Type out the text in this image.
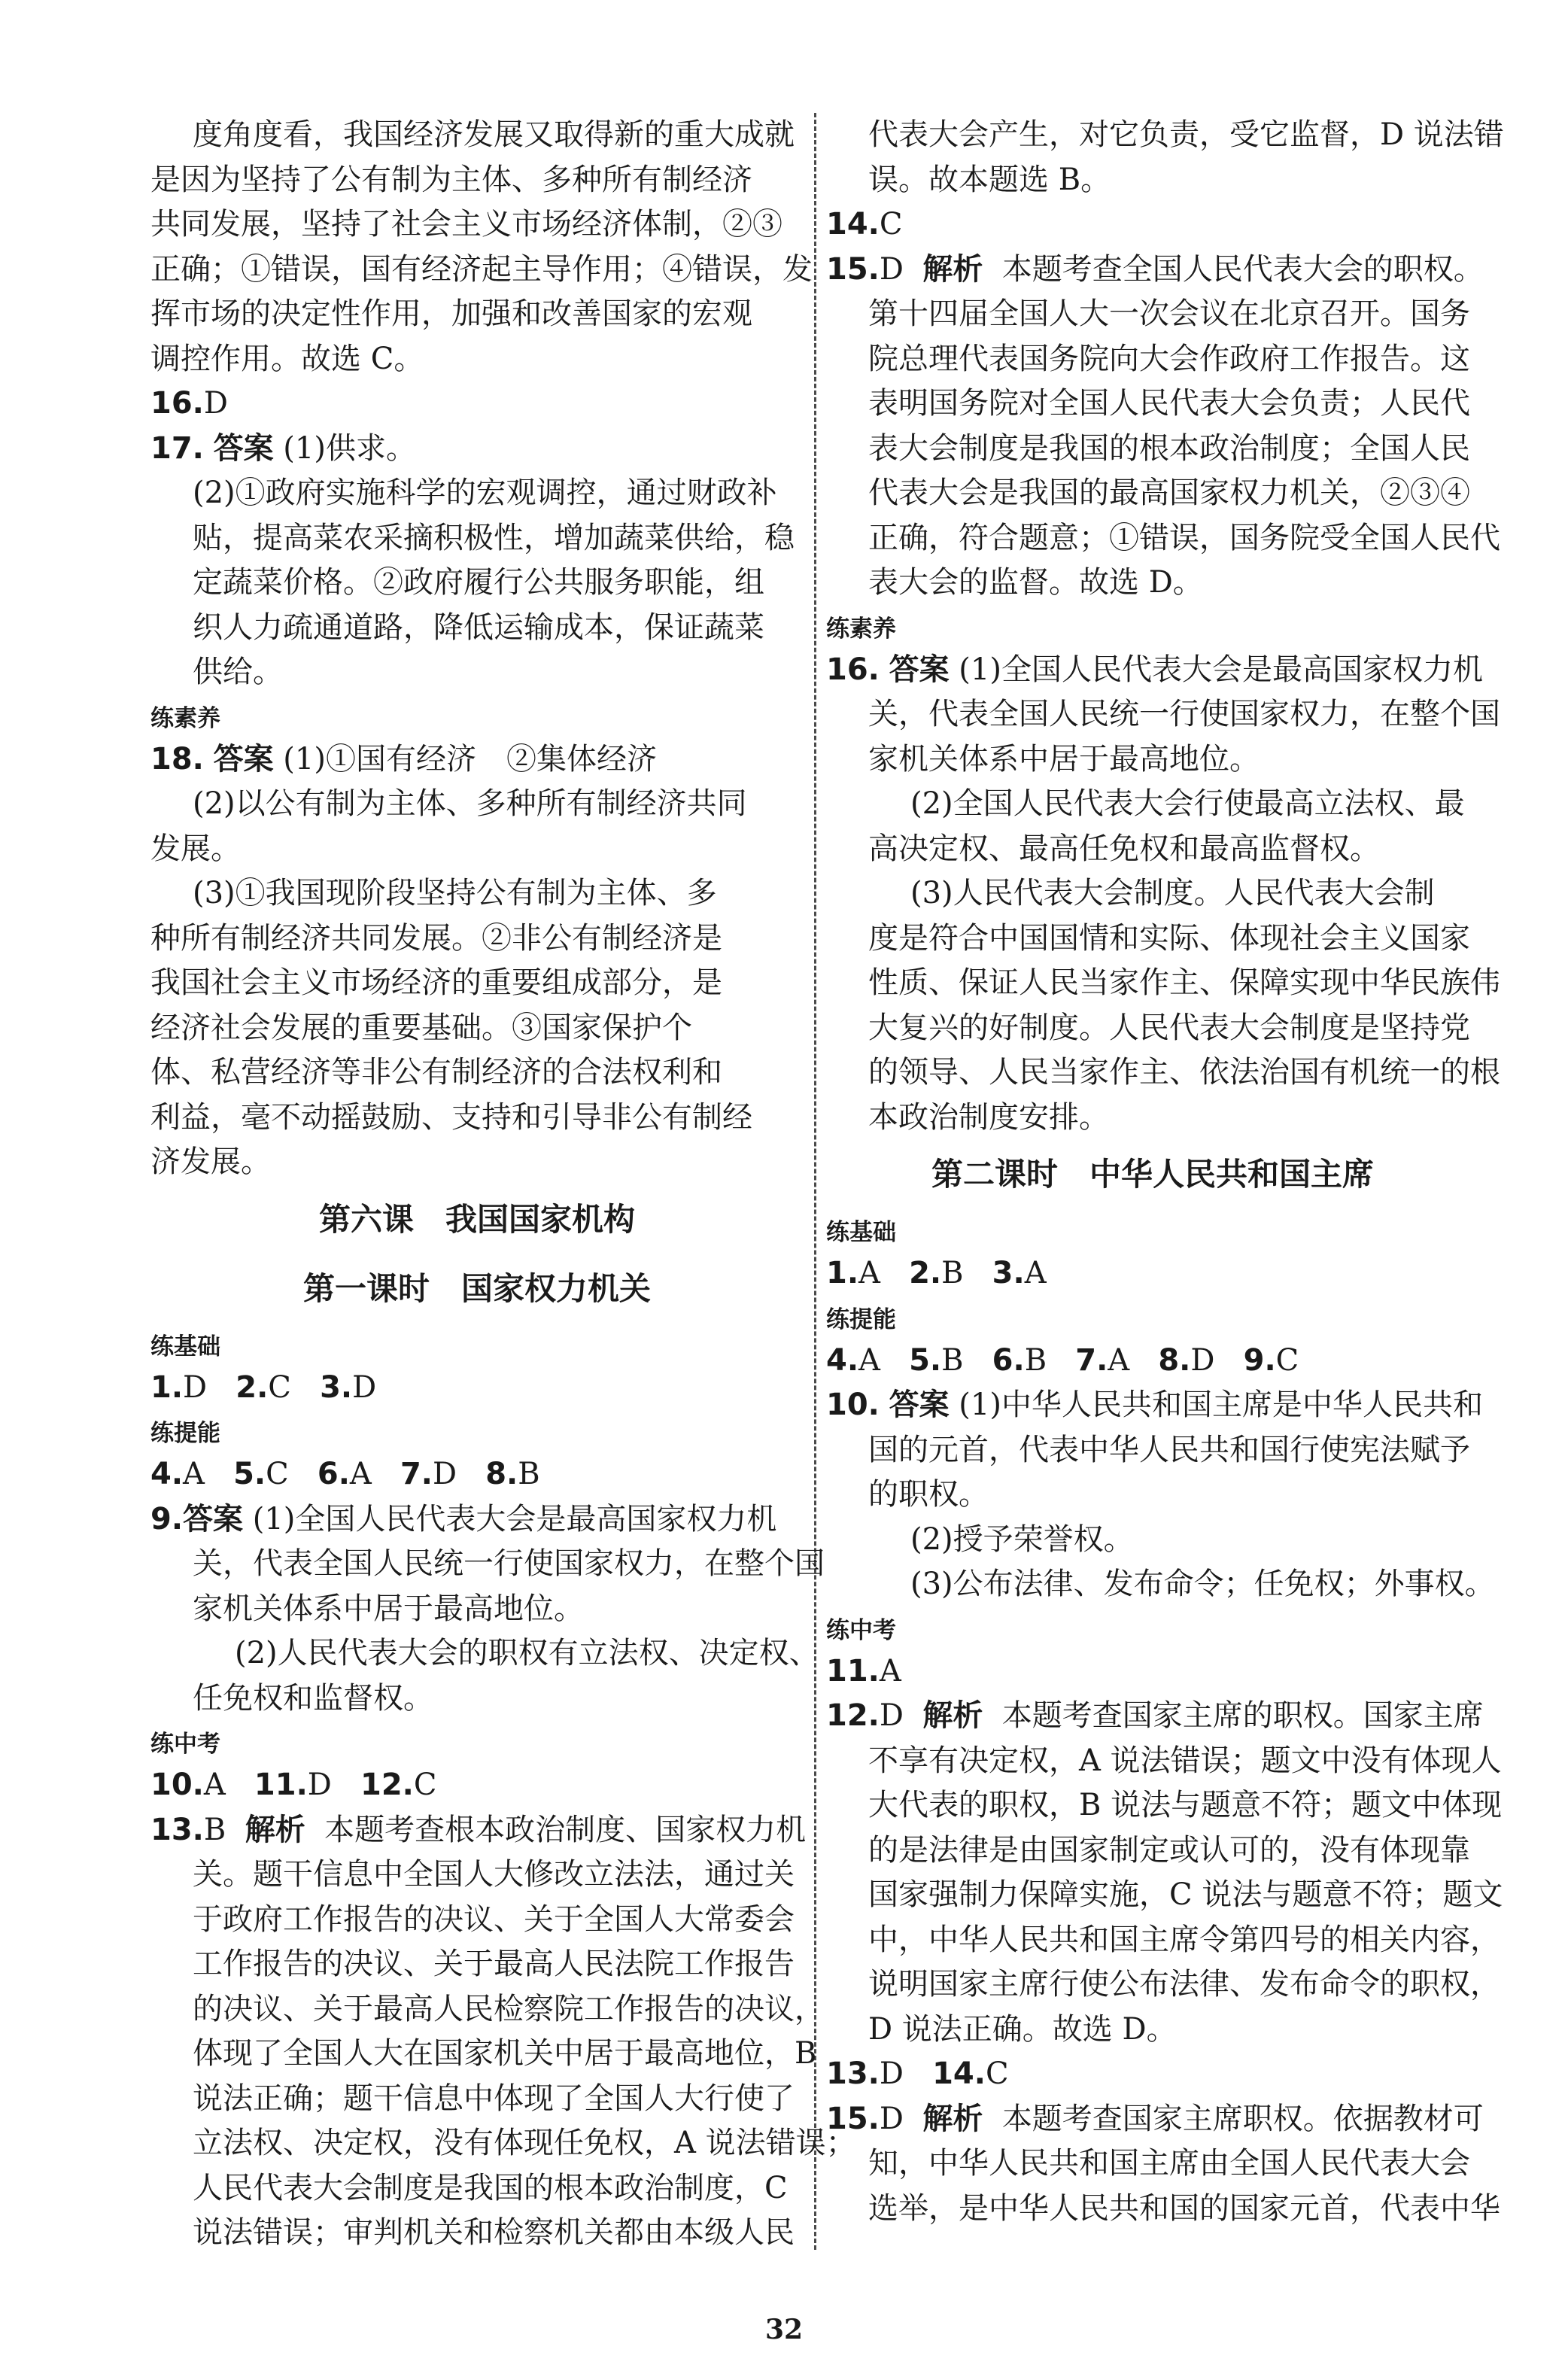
度角度看，我国经济发展又取得新的重大成就
是因为坚持了公有制为主体、多种所有制经济
共同发展，坚持了社会主义市场经济体制，②③
正确；①错误，国有经济起主导作用；④错误，发
挥市场的决定性作用，加强和改善国家的宏观
调控作用。故选 C。
16.D
17. 答案 (1)供求。
(2)①政府实施科学的宏观调控，通过财政补
贴，提高菜农采摘积极性，增加蔬菜供给，稳
定蔬菜价格。②政府履行公共服务职能，组
织人力疏通道路，降低运输成本，保证蔬菜
供给。
练素养
18. 答案 (1)①国有经济　②集体经济
(2)以公有制为主体、多种所有制经济共同
发展。
(3)①我国现阶段坚持公有制为主体、多
种所有制经济共同发展。②非公有制经济是
我国社会主义市场经济的重要组成部分，是
经济社会发展的重要基础。③国家保护个
体、私营经济等非公有制经济的合法权利和
利益，毫不动摇鼓励、支持和引导非公有制经
济发展。
第六课　我国国家机构
第一课时　国家权力机关
练基础
1.D 2.C 3.D
练提能
4.A 5.C 6.A 7.D 8.B
9.答案 (1)全国人民代表大会是最高国家权力机
关，代表全国人民统一行使国家权力，在整个国
家机关体系中居于最高地位。
(2)人民代表大会的职权有立法权、决定权、
任免权和监督权。
练中考
10.A 11.D 12.C
13.B 解析 本题考查根本政治制度、国家权力机
关。题干信息中全国人大修改立法法，通过关
于政府工作报告的决议、关于全国人大常委会
工作报告的决议、关于最高人民法院工作报告
的决议、关于最高人民检察院工作报告的决议，
体现了全国人大在国家机关中居于最高地位，B
说法正确；题干信息中体现了全国人大行使了
立法权、决定权，没有体现任免权，A 说法错误；
人民代表大会制度是我国的根本政治制度，C
说法错误；审判机关和检察机关都由本级人民
代表大会产生，对它负责，受它监督，D 说法错
误。故本题选 B。
14.C
15.D 解析 本题考查全国人民代表大会的职权。
第十四届全国人大一次会议在北京召开。国务
院总理代表国务院向大会作政府工作报告。这
表明国务院对全国人民代表大会负责；人民代
表大会制度是我国的根本政治制度；全国人民
代表大会是我国的最高国家权力机关，②③④
正确，符合题意；①错误，国务院受全国人民代
表大会的监督。故选 D。
练素养
16. 答案 (1)全国人民代表大会是最高国家权力机
关，代表全国人民统一行使国家权力，在整个国
家机关体系中居于最高地位。
(2)全国人民代表大会行使最高立法权、最
高决定权、最高任免权和最高监督权。
(3)人民代表大会制度。人民代表大会制
度是符合中国国情和实际、体现社会主义国家
性质、保证人民当家作主、保障实现中华民族伟
大复兴的好制度。人民代表大会制度是坚持党
的领导、人民当家作主、依法治国有机统一的根
本政治制度安排。
第二课时　中华人民共和国主席
练基础
1.A 2.B 3.A
练提能
4.A 5.B 6.B 7.A 8.D 9.C
10. 答案 (1)中华人民共和国主席是中华人民共和
国的元首，代表中华人民共和国行使宪法赋予
的职权。
(2)授予荣誉权。
(3)公布法律、发布命令；任免权；外事权。
练中考
11.A
12.D 解析 本题考查国家主席的职权。国家主席
不享有决定权，A 说法错误；题文中没有体现人
大代表的职权，B 说法与题意不符；题文中体现
的是法律是由国家制定或认可的，没有体现靠
国家强制力保障实施，C 说法与题意不符；题文
中，中华人民共和国主席令第四号的相关内容，
说明国家主席行使公布法律、发布命令的职权，
D 说法正确。故选 D。
13.D 14.C
15.D 解析 本题考查国家主席职权。依据教材可
知，中华人民共和国主席由全国人民代表大会
选举，是中华人民共和国的国家元首，代表中华
32
